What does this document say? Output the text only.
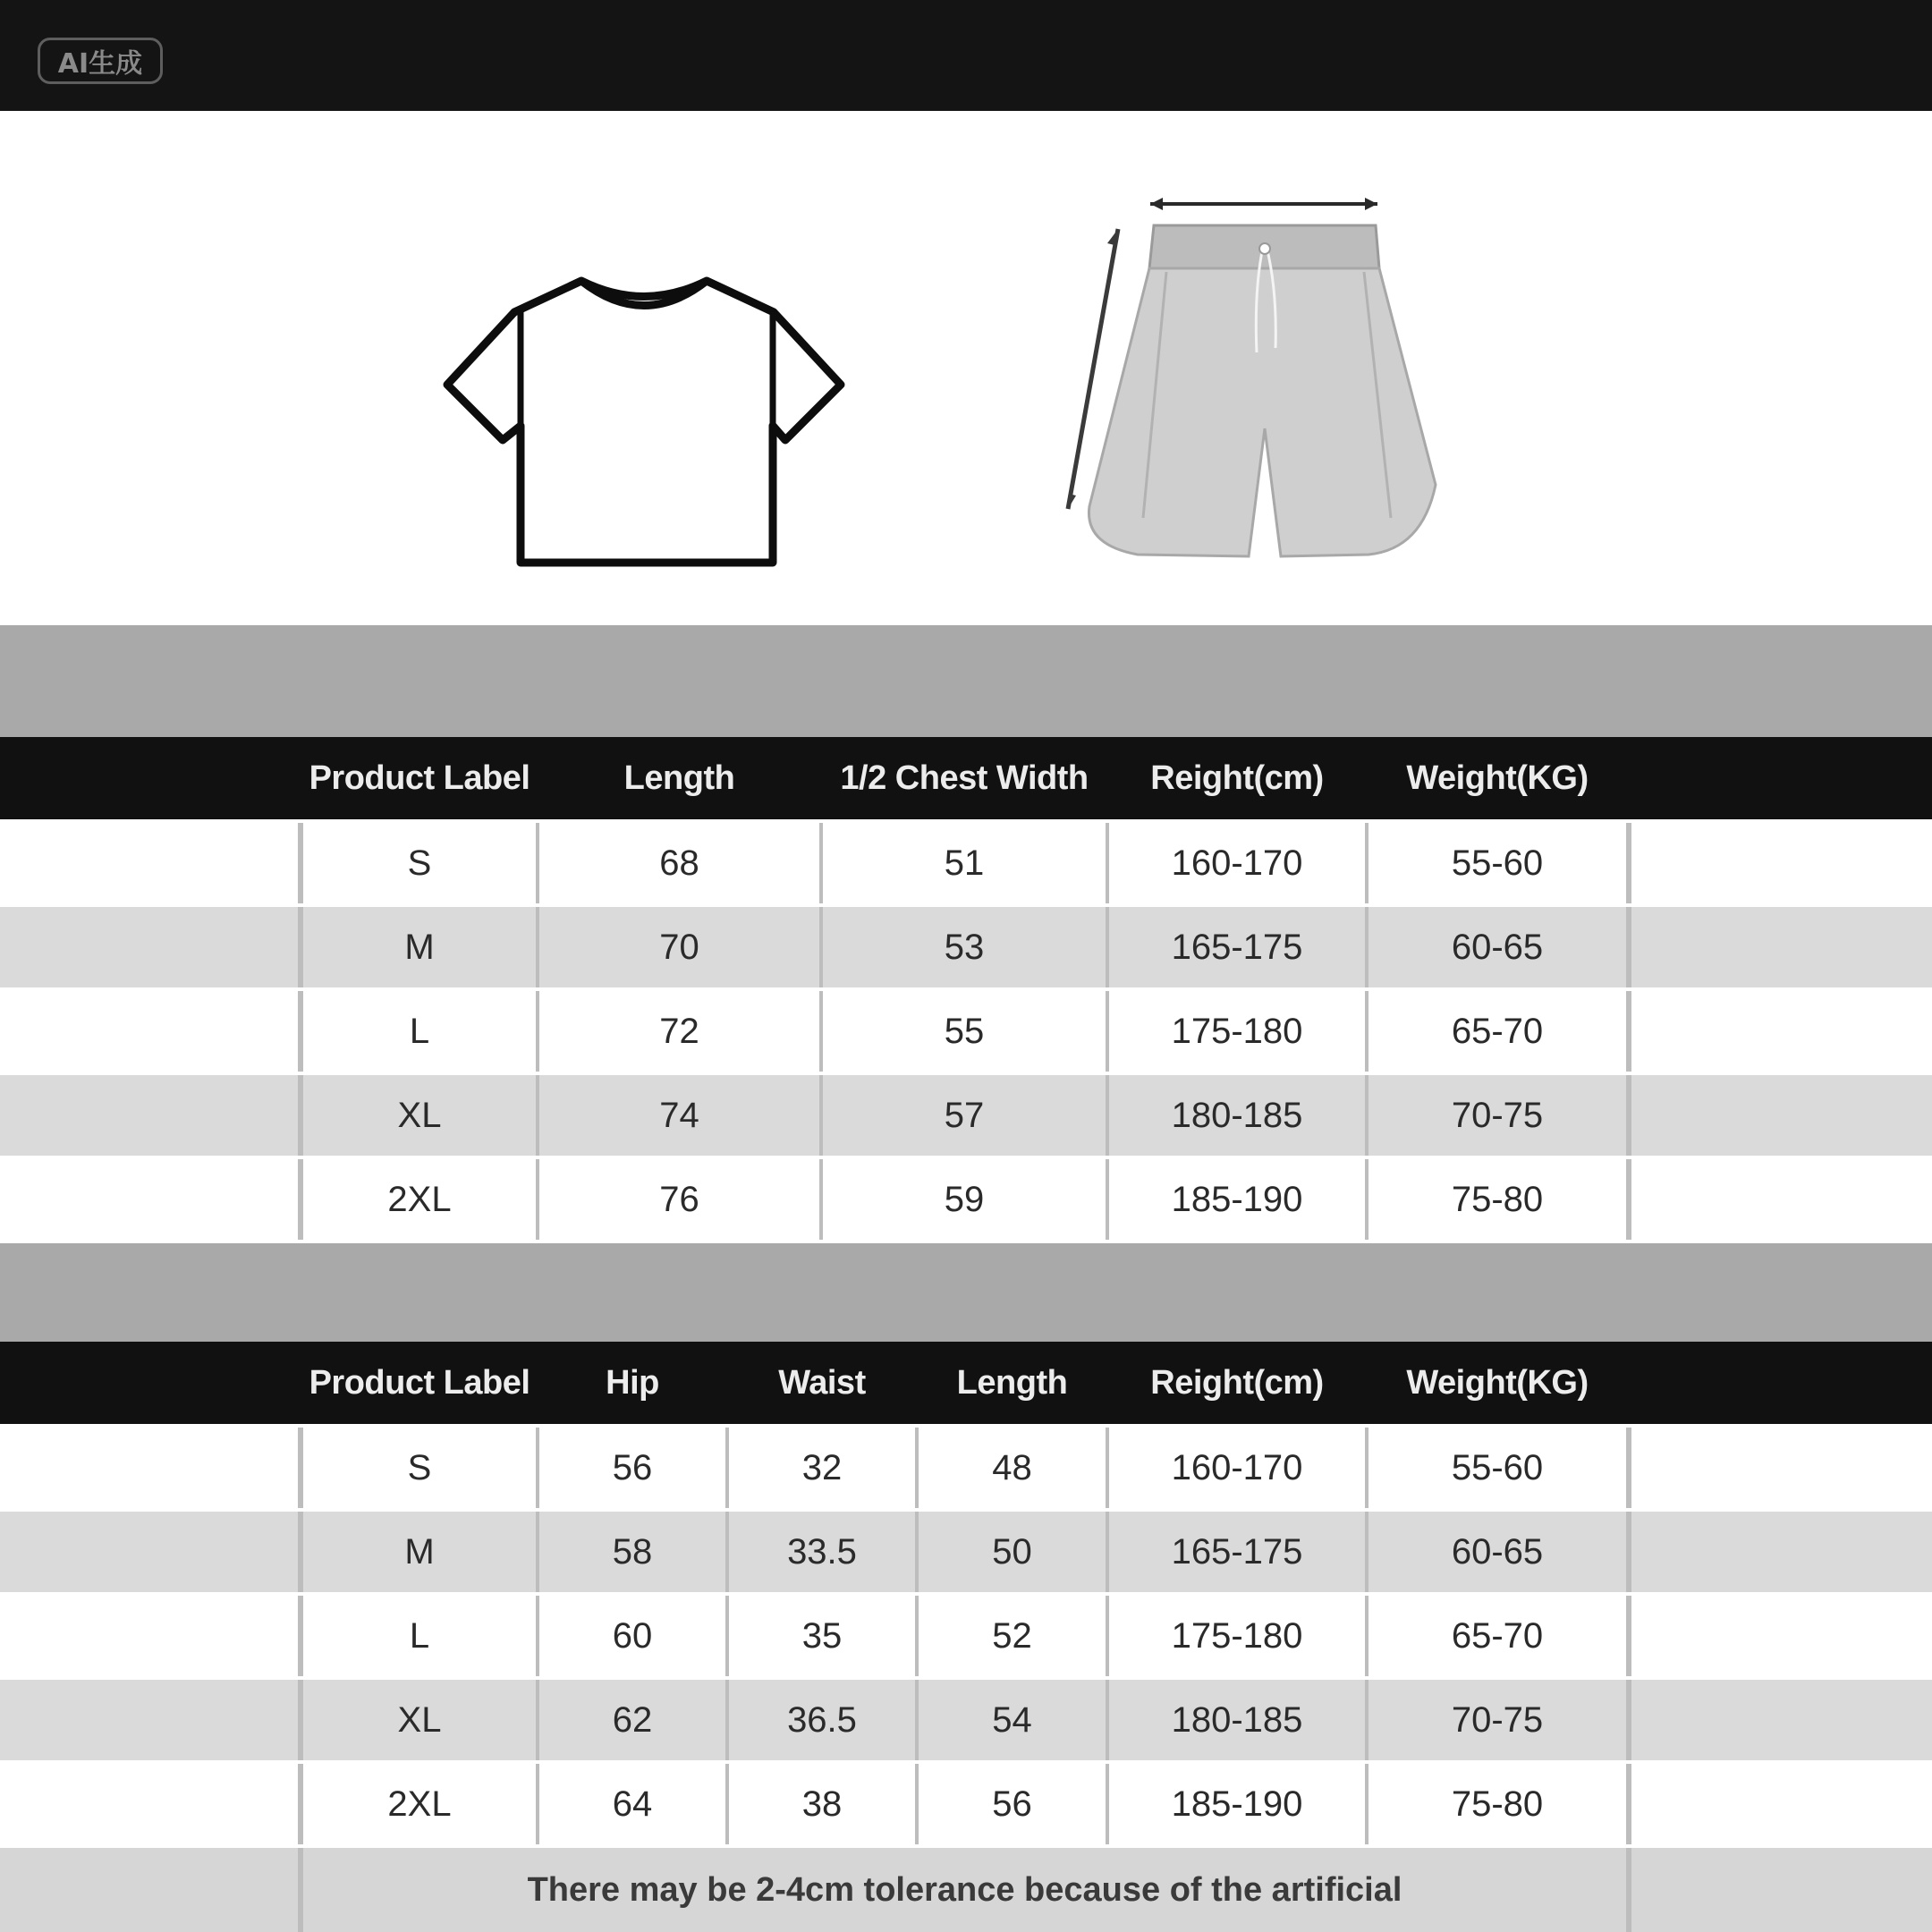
AI生成
Product Label	Length	1/2 Chest Width	Reight(cm)	Weight(KG)
S	68	51	160-170	55-60
M	70	53	165-175	60-65
L	72	55	175-180	65-70
XL	74	57	180-185	70-75
2XL	76	59	185-190	75-80
Product Label	Hip	Waist	Length	Reight(cm)	Weight(KG)
S	56	32	48	160-170	55-60
M	58	33.5	50	165-175	60-65
L	60	35	52	175-180	65-70
XL	62	36.5	54	180-185	70-75
2XL	64	38	56	185-190	75-80
There may be 2-4cm tolerance because of the artificial
